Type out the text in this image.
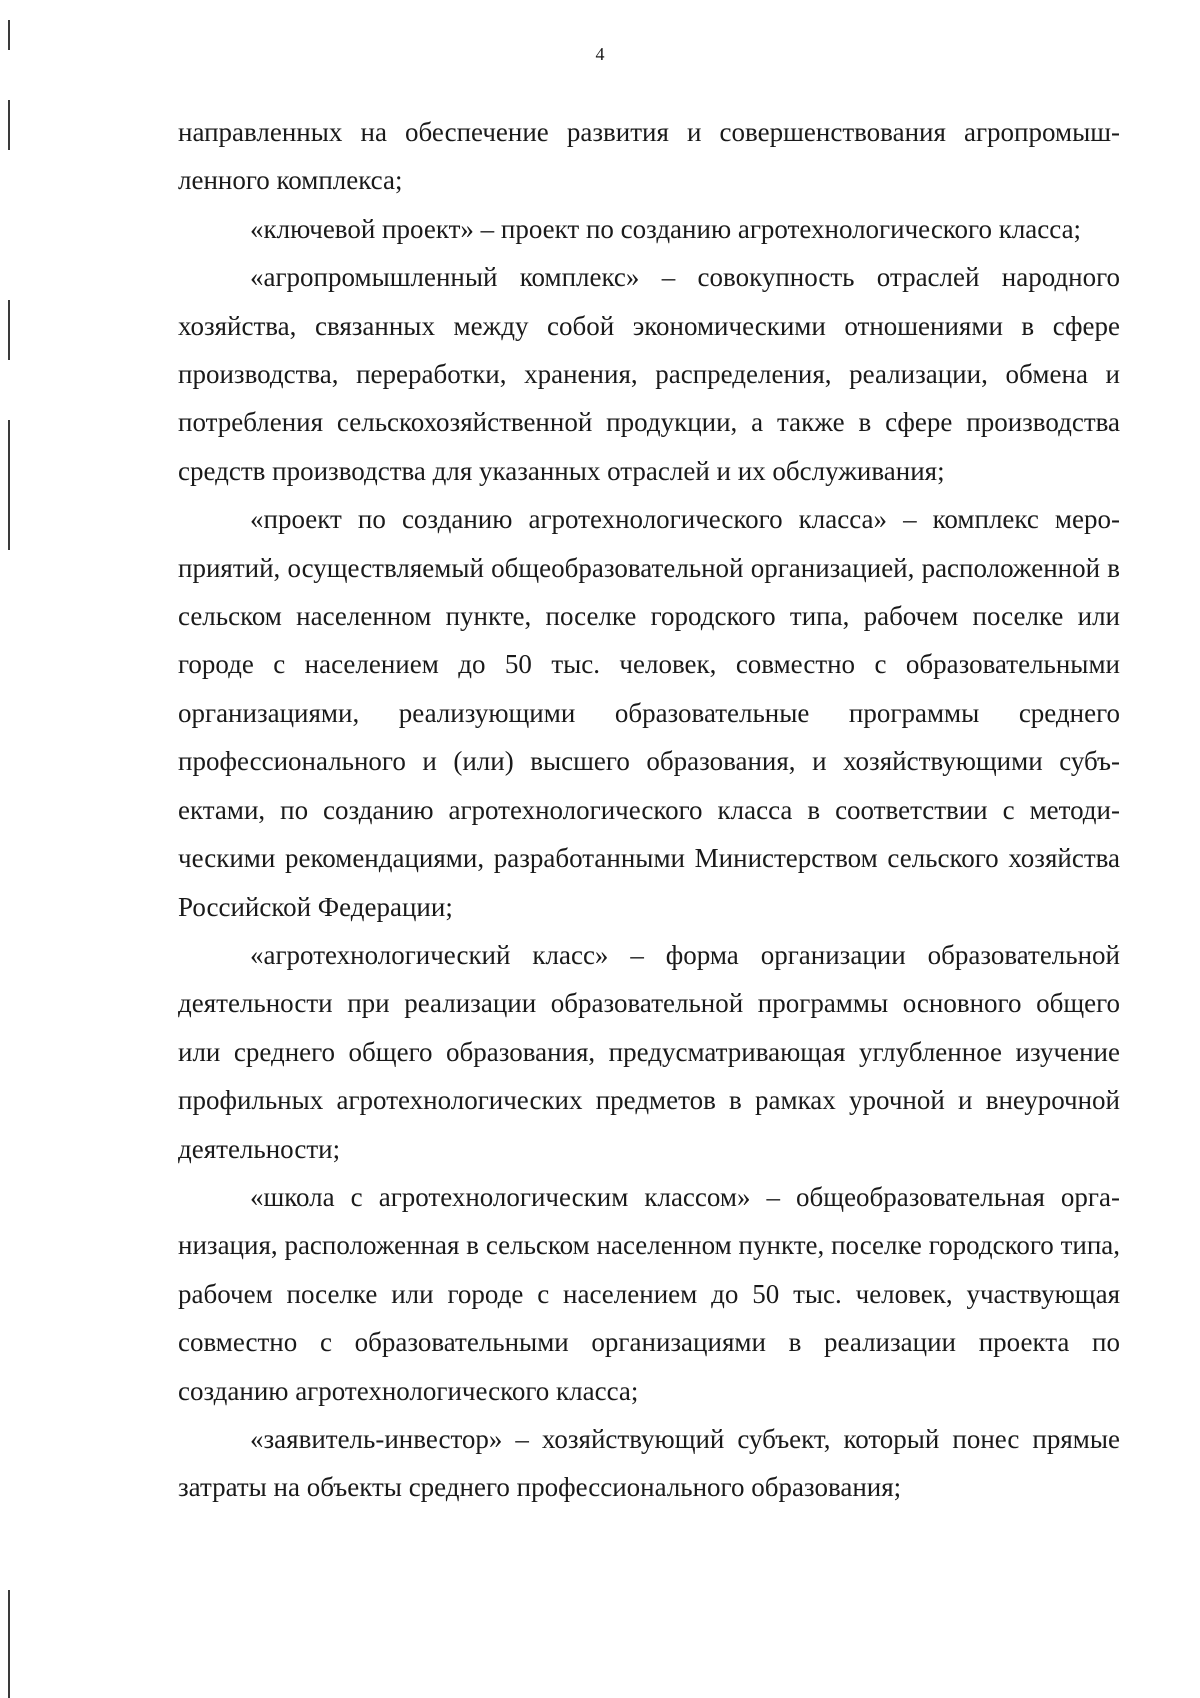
4

направленных на обеспечение развития и совершенствования агропромышленного комплекса;

«ключевой проект» – проект по созданию агротехнологического класса;

«агропромышленный комплекс» – совокупность отраслей народного хозяйства, связанных между собой экономическими отношениями в сфере производства, переработки, хранения, распределения, реализации, обмена и потребления сельскохозяйственной продукции, а также в сфере производства средств производства для указанных отраслей и их обслуживания;

«проект по созданию агротехнологического класса» – комплекс мероприятий, осуществляемый общеобразовательной организацией, расположенной в сельском населенном пункте, поселке городского типа, рабочем поселке или городе с населением до 50 тыс. человек, совместно с образовательными организациями, реализующими образовательные программы среднего профессионального и (или) высшего образования, и хозяйствующими субъектами, по созданию агротехнологического класса в соответствии с методическими рекомендациями, разработанными Министерством сельского хозяйства Российской Федерации;

«агротехнологический класс» – форма организации образовательной деятельности при реализации образовательной программы основного общего или среднего общего образования, предусматривающая углубленное изучение профильных агротехнологических предметов в рамках урочной и внеурочной деятельности;

«школа с агротехнологическим классом» – общеобразовательная организация, расположенная в сельском населенном пункте, поселке городского типа, рабочем поселке или городе с населением до 50 тыс. человек, участвующая совместно с образовательными организациями в реализации проекта по созданию агротехнологического класса;

«заявитель-инвестор» – хозяйствующий субъект, который понес прямые затраты на объекты среднего профессионального образования;
